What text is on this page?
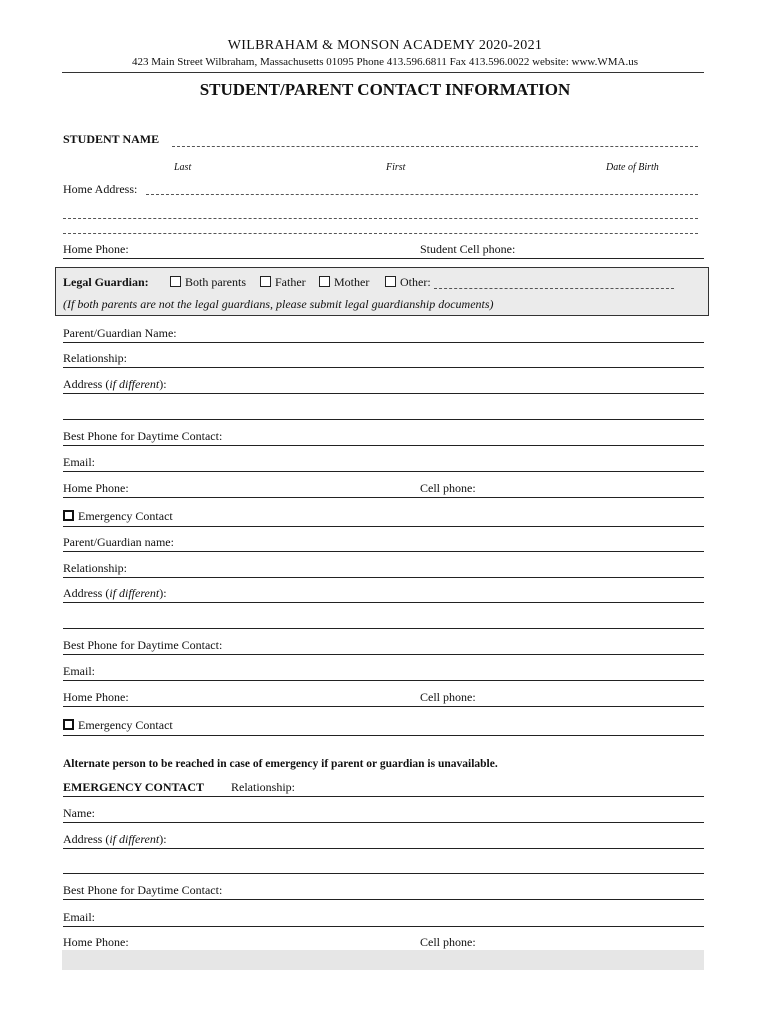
WILBRAHAM & MONSON ACADEMY 2020-2021
423 Main Street Wilbraham, Massachusetts 01095 Phone 413.596.6811 Fax 413.596.0022 website: www.WMA.us
STUDENT/PARENT CONTACT INFORMATION
STUDENT NAME
Last	First	Date of Birth
Home Address:
Home Phone:	Student Cell phone:
Legal Guardian:	Both parents	Father	Mother	Other:
(If both parents are not the legal guardians, please submit legal guardianship documents)
Parent/Guardian Name:
Relationship:
Address (if different):
Best Phone for Daytime Contact:
Email:
Home Phone:	Cell phone:
Emergency Contact
Parent/Guardian name:
Relationship:
Address (if different):
Best Phone for Daytime Contact:
Email:
Home Phone:	Cell phone:
Emergency Contact
Alternate person to be reached in case of emergency if parent or guardian is unavailable.
EMERGENCY CONTACT Relationship:
Name:
Address (if different):
Best Phone for Daytime Contact:
Email:
Home Phone:	Cell phone:
